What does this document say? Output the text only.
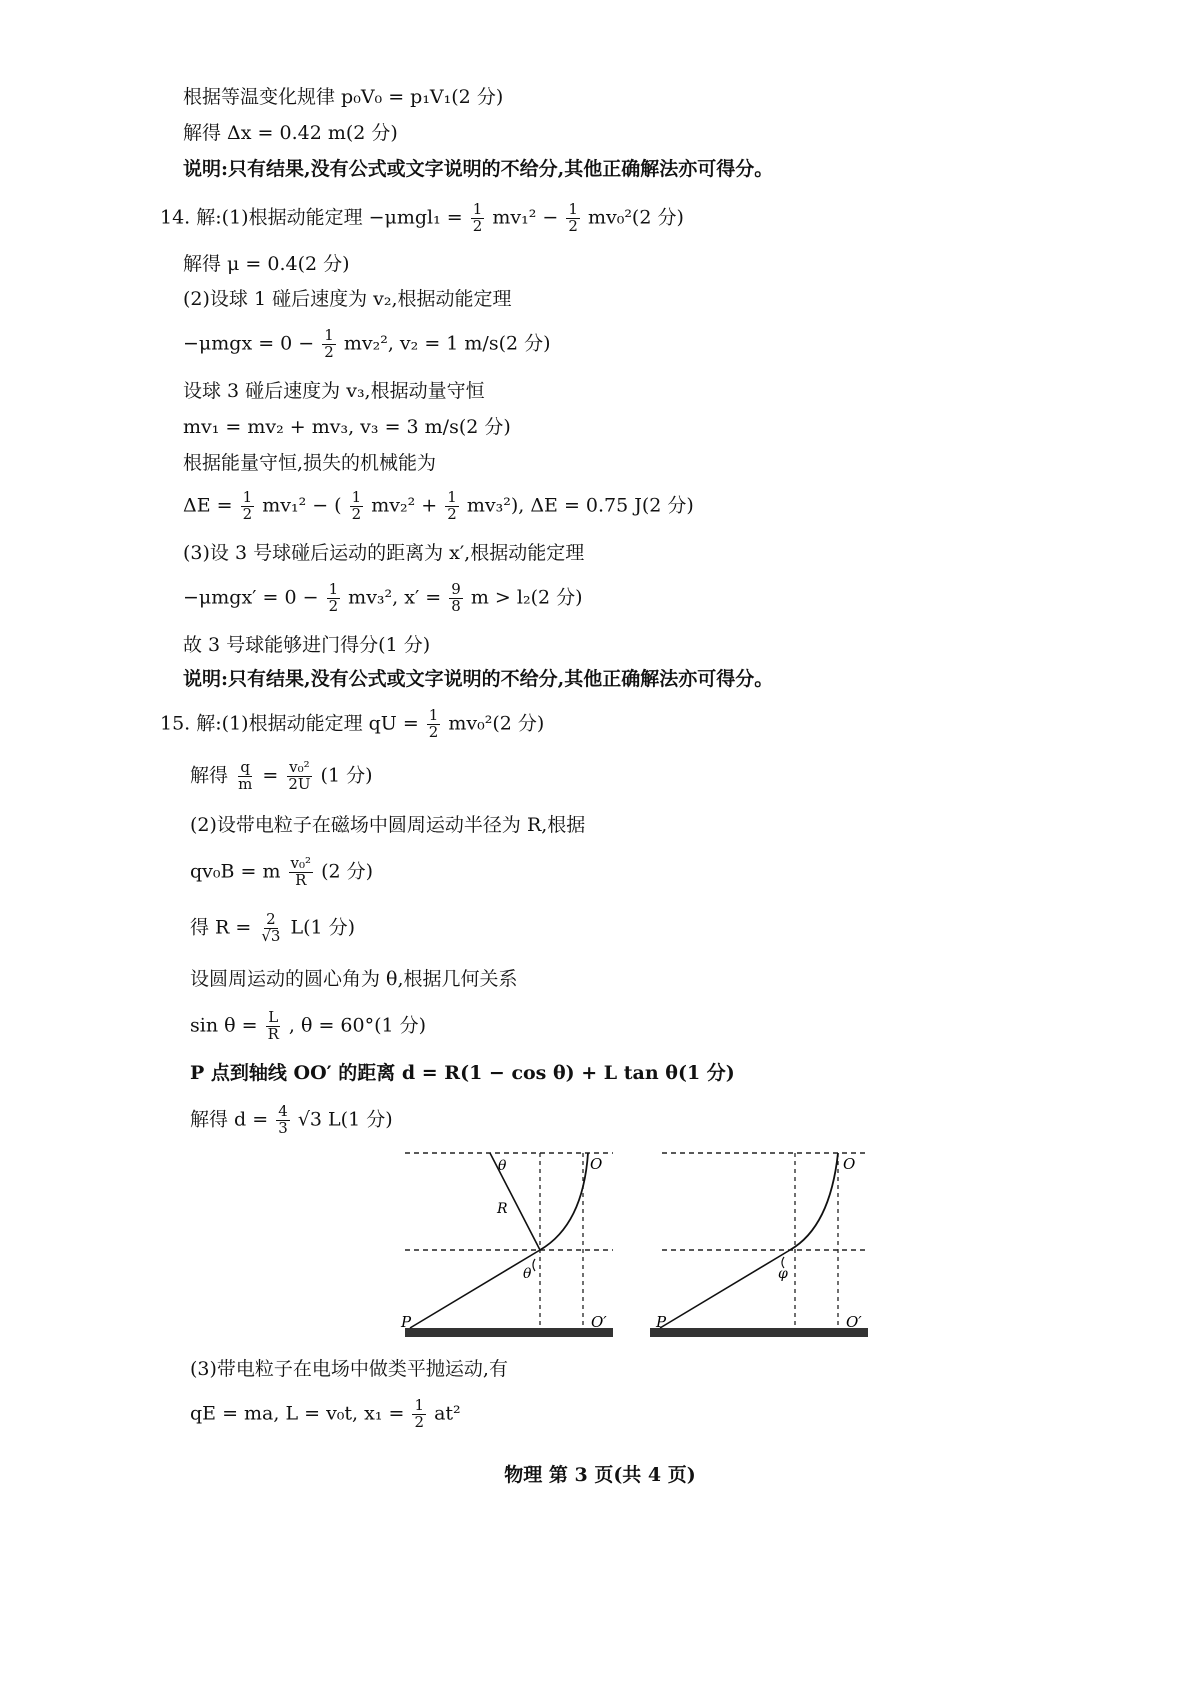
根据等温变化规律 p₀V₀ = p₁V₁(2 分)
解得 Δx = 0.42 m(2 分)
说明:只有结果,没有公式或文字说明的不给分,其他正确解法亦可得分。
14. 解:(1)根据动能定理 $-\mu mgl_1 = \frac{1}{2} mv_1^2 - \frac{1}{2} mv_0^2(2$ 分)
解得 μ = 0.4(2 分)
(2)设球 1 碰后速度为 v₂,根据动能定理
$-\mu mgx = 0 - \frac{1}{2} mv_2^2$, v₂ = 1 m/s(2 分)
设球 3 碰后速度为 v₃,根据动量守恒
mv₁ = mv₂ + mv₃, v₃ = 3 m/s(2 分)
根据能量守恒,损失的机械能为
$\Delta E = \frac{1}{2} mv_1^2$ − ( $\frac{1}{2} mv_2^2 + \frac{1}{2} mv_3^2$), ΔE = 0.75 J(2 分)
(3)设 3 号球碰后运动的距离为 x′,根据动能定理
$-\mu mgx' = 0 - \frac{1}{2} mv_3^2$, $x' = \frac{9}{8}$ m > l₂(2 分)
故 3 号球能够进门得分(1 分)
说明:只有结果,没有公式或文字说明的不给分,其他正确解法亦可得分。
15. 解:(1)根据动能定理 qU = $\frac{1}{2} mv_0^2(2$ 分)
解得 $\frac{q}{m} = \frac{\text{v₀²}}{2U} (1$ 分)
(2)设带电粒子在磁场中圆周运动半径为 R,根据
qv₀B = m $\frac{\text{v₀²}}{R} (2$ 分)
得 $R = \frac{2}{√3} L(1$ 分)
设圆周运动的圆心角为 θ,根据几何关系
$\sin \theta = \frac{L}{R}$ , θ = 60°(1 分)
P 点到轴线 OO′ 的距离 d = R(1 − cos θ) + L tan θ(1 分)
解得 $d = \frac{4}{3} √3$ L(1 分)
θ
R
O
θ
P	O′
O
φ
P	O′
(3)带电粒子在电场中做类平抛运动,有
qE = ma, L = v₀t, $x_1 = \frac{1}{2} at^2$
物理 第 3 页(共 4 页)
